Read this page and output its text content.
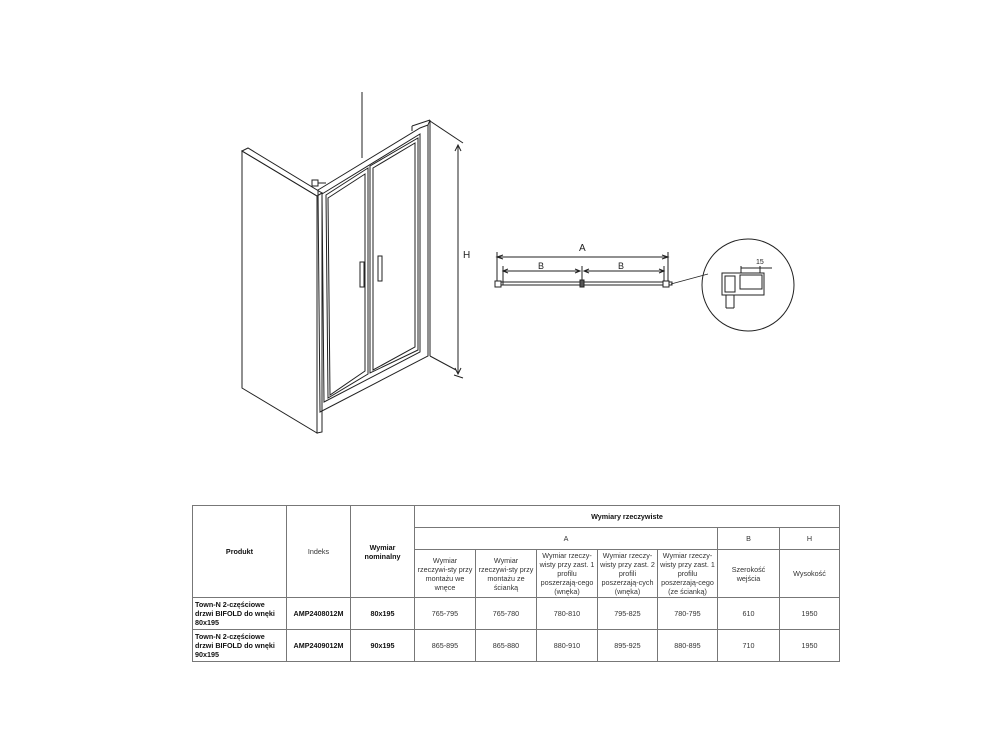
H
A
B	B	15
Produkt	Indeks	Wymiar nominalny	Wymiary rzeczywiste						
			A					B	H
			Wymiar rzeczywi-sty przy montażu we wnęce	Wymiar rzeczywi-sty przy montażu ze ścianką	Wymiar rzeczy-wisty przy zast. 1 profilu poszerzają-cego (wnęka)	Wymiar rzeczy-wisty przy zast. 2 profili poszerzają-cych (wnęka)	Wymiar rzeczy-wisty przy zast. 1 profilu poszerzają-cego (ze ścianką)	Szerokość wejścia	Wysokość
Town-N 2-częściowe drzwi BIFOLD do wnęki 80x195	AMP2408012M	80x195	765-795	765-780	780-810	795-825	780-795	610	1950
Town-N 2-częściowe drzwi BIFOLD do wnęki 90x195	AMP2409012M	90x195	865-895	865-880	880-910	895-925	880-895	710	1950
